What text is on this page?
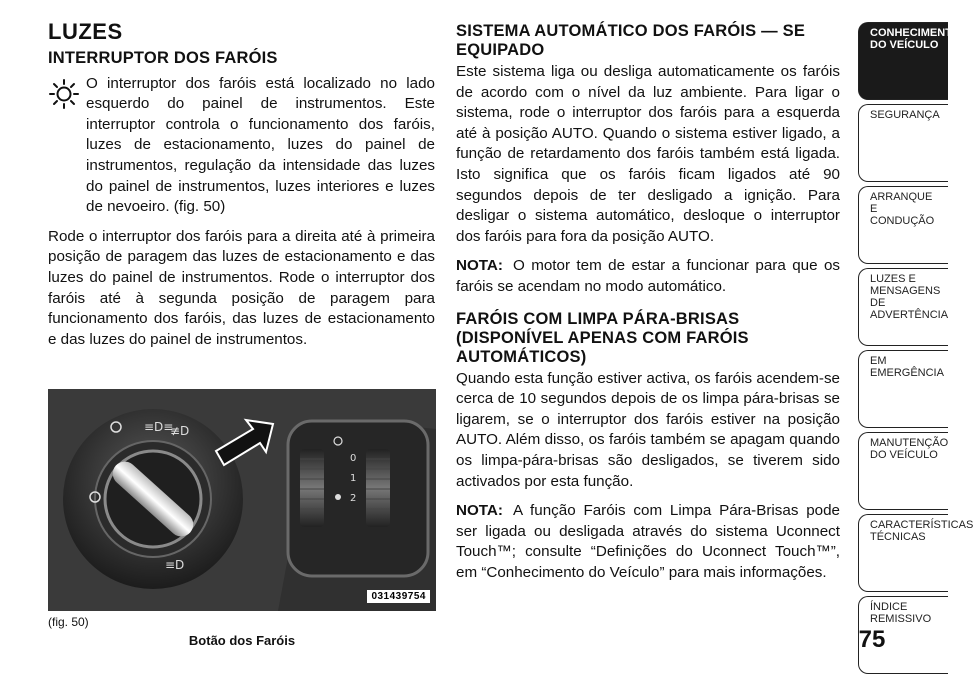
LUZES
INTERRUPTOR DOS FARÓIS

O interruptor dos faróis está localizado no lado esquerdo do painel de instrumentos. Este interruptor controla o funcionamento dos faróis, luzes de estacionamento, luzes do painel de instrumentos, regulação da intensidade das luzes do painel de instrumentos, luzes interiores e luzes de nevoeiro. (fig. 50)

Rode o interruptor dos faróis para a direita até à primeira posição de paragem das luzes de estacionamento e das luzes do painel de instrumentos. Rode o interruptor dos faróis até à segunda posição de paragem para funcionamento dos faróis, das luzes de estacionamento e das luzes do painel de instrumentos.

≡D≡
≢D
≡D
0
1
2
031439754
(fig. 50)
Botão dos Faróis
SISTEMA AUTOMÁTICO DOS FARÓIS — SE EQUIPADO

Este sistema liga ou desliga automaticamente os faróis de acordo com o nível da luz ambiente. Para ligar o sistema, rode o interruptor dos faróis para a esquerda até à posição AUTO. Quando o sistema estiver ligado, a função de retardamento dos faróis também está ligada. Isto significa que os faróis ficam ligados até 90 segundos depois de ter desligado a ignição. Para desligar o sistema automático, desloque o interruptor dos faróis para fora da posição AUTO.

NOTA: O motor tem de estar a funcionar para que os faróis se acendam no modo automático.

FARÓIS COM LIMPA PÁRA-BRISAS (DISPONÍVEL APENAS COM FARÓIS AUTOMÁTICOS)

Quando esta função estiver activa, os faróis acendem-se cerca de 10 segundos depois de os limpa pára-brisas se ligarem, se o interruptor dos faróis estiver na posição AUTO. Além disso, os faróis também se apagam quando os limpa-pára-brisas são desligados, se tiverem sido activados por esta função.

NOTA: A função Faróis com Limpa Pára-Brisas pode ser ligada ou desligada através do sistema Uconnect Touch™; consulte “Definições do Uconnect Touch™”, em “Conhecimento do Veículo” para mais informações.

CONHECIMENTO DO VEÍCULO
SEGURANÇA
ARRANQUE E CONDUÇÃO
LUZES E MENSAGENS DE ADVERTÊNCIA
EM EMERGÊNCIA
MANUTENÇÃO DO VEÍCULO
CARACTERÍSTICAS TÉCNICAS
ÍNDICE REMISSIVO
75
